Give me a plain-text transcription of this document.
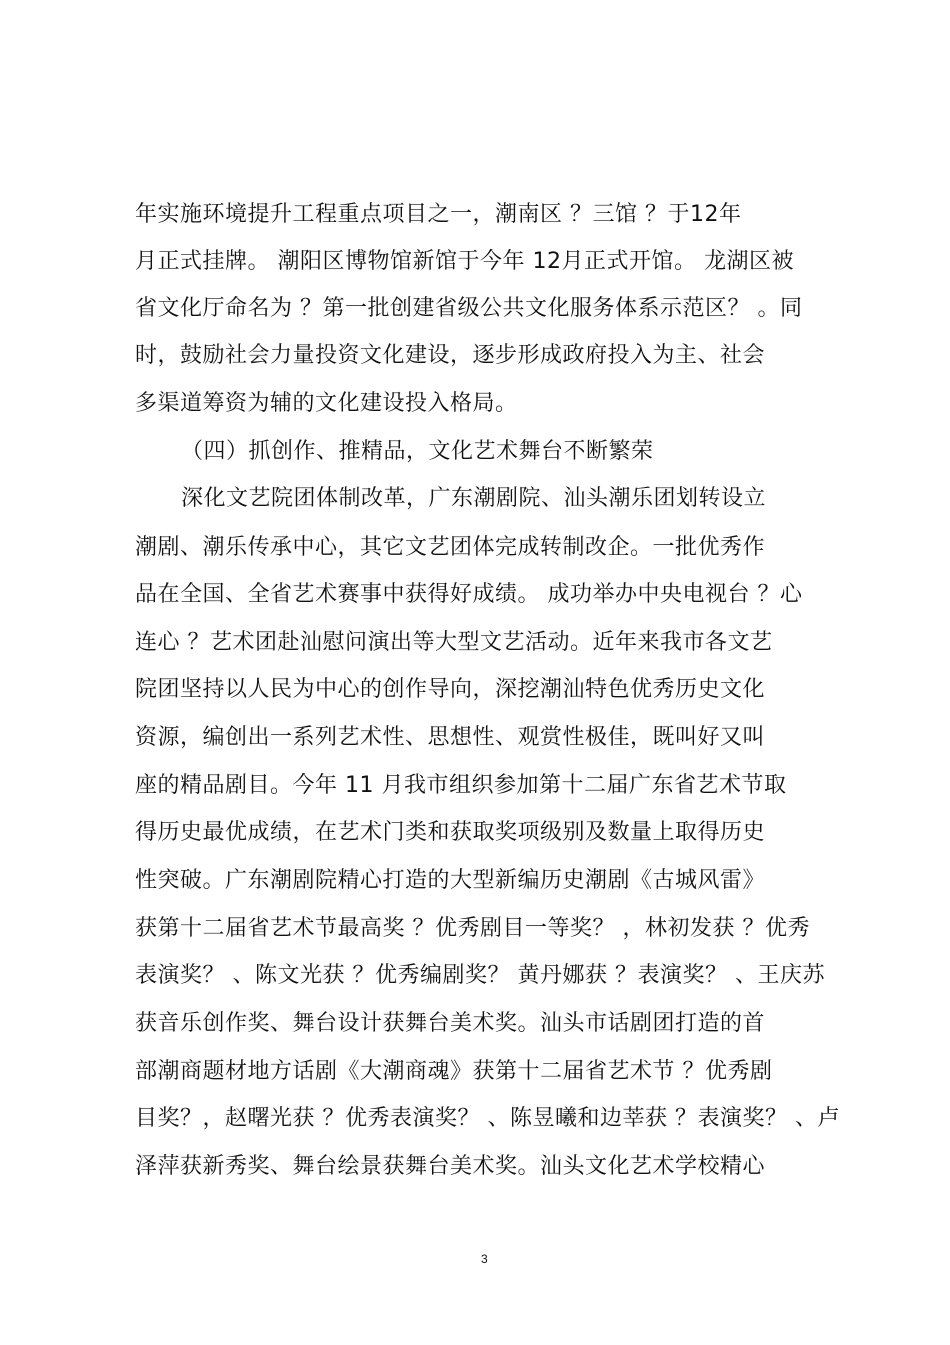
年实施环境提升工程重点项目之一，潮南区 ？三馆 ？于12年
月正式挂牌。 潮阳区博物馆新馆于今年 12月正式开馆。 龙湖区被
省文化厅命名为 ？第一批创建省级公共文化服务体系示范区？ 。同
时，鼓励社会力量投资文化建设，逐步形成政府投入为主、社会
多渠道筹资为辅的文化建设投入格局。
（四）抓创作、推精品，文化艺术舞台不断繁荣
深化文艺院团体制改革，广东潮剧院、汕头潮乐团划转设立
潮剧、潮乐传承中心，其它文艺团体完成转制改企。一批优秀作
品在全国、全省艺术赛事中获得好成绩。 成功举办中央电视台 ？心
连心 ？艺术团赴汕慰问演出等大型文艺活动。近年来我市各文艺
院团坚持以人民为中心的创作导向，深挖潮汕特色优秀历史文化
资源，编创出一系列艺术性、思想性、观赏性极佳，既叫好又叫
座的精品剧目。今年 11 月我市组织参加第十二届广东省艺术节取
得历史最优成绩，在艺术门类和获取奖项级别及数量上取得历史
性突破。广东潮剧院精心打造的大型新编历史潮剧《古城风雷》
获第十二届省艺术节最高奖 ？优秀剧目一等奖？ ，林初发获 ？优秀
表演奖？ 、陈文光获 ？优秀编剧奖？ 黄丹娜获 ？表演奖？ 、王庆苏
获音乐创作奖、舞台设计获舞台美术奖。汕头市话剧团打造的首
部潮商题材地方话剧《大潮商魂》获第十二届省艺术节 ？优秀剧
目奖？，赵曙光获 ？优秀表演奖？ 、陈昱曦和边莘获 ？表演奖？ 、卢
泽萍获新秀奖、舞台绘景获舞台美术奖。汕头文化艺术学校精心
3
